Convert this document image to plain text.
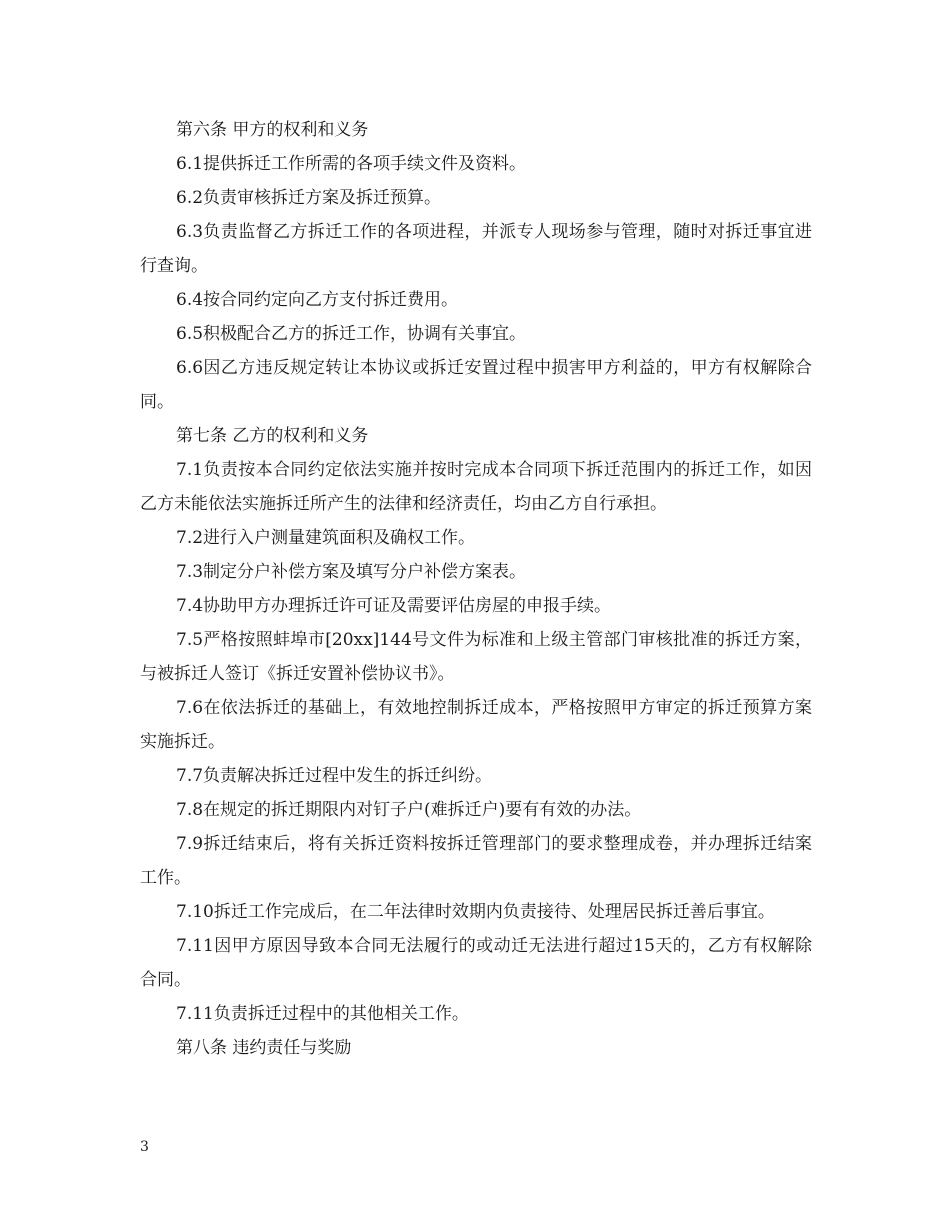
第六条 甲方的权利和义务

6.1提供拆迁工作所需的各项手续文件及资料。

6.2负责审核拆迁方案及拆迁预算。

6.3负责监督乙方拆迁工作的各项进程，并派专人现场参与管理，随时对拆迁事宜进行查询。

6.4按合同约定向乙方支付拆迁费用。

6.5积极配合乙方的拆迁工作，协调有关事宜。

6.6因乙方违反规定转让本协议或拆迁安置过程中损害甲方利益的，甲方有权解除合同。

第七条 乙方的权利和义务

7.1负责按本合同约定依法实施并按时完成本合同项下拆迁范围内的拆迁工作，如因乙方未能依法实施拆迁所产生的法律和经济责任，均由乙方自行承担。

7.2进行入户测量建筑面积及确权工作。

7.3制定分户补偿方案及填写分户补偿方案表。

7.4协助甲方办理拆迁许可证及需要评估房屋的申报手续。

7.5严格按照蚌埠市[20xx]144号文件为标准和上级主管部门审核批准的拆迁方案，与被拆迁人签订《拆迁安置补偿协议书》。

7.6在依法拆迁的基础上，有效地控制拆迁成本，严格按照甲方审定的拆迁预算方案实施拆迁。

7.7负责解决拆迁过程中发生的拆迁纠纷。

7.8在规定的拆迁期限内对钉子户(难拆迁户)要有有效的办法。

7.9拆迁结束后，将有关拆迁资料按拆迁管理部门的要求整理成卷，并办理拆迁结案工作。

7.10拆迁工作完成后，在二年法律时效期内负责接待、处理居民拆迁善后事宜。

7.11因甲方原因导致本合同无法履行的或动迁无法进行超过15天的，乙方有权解除合同。

7.11负责拆迁过程中的其他相关工作。

第八条 违约责任与奖励

3
